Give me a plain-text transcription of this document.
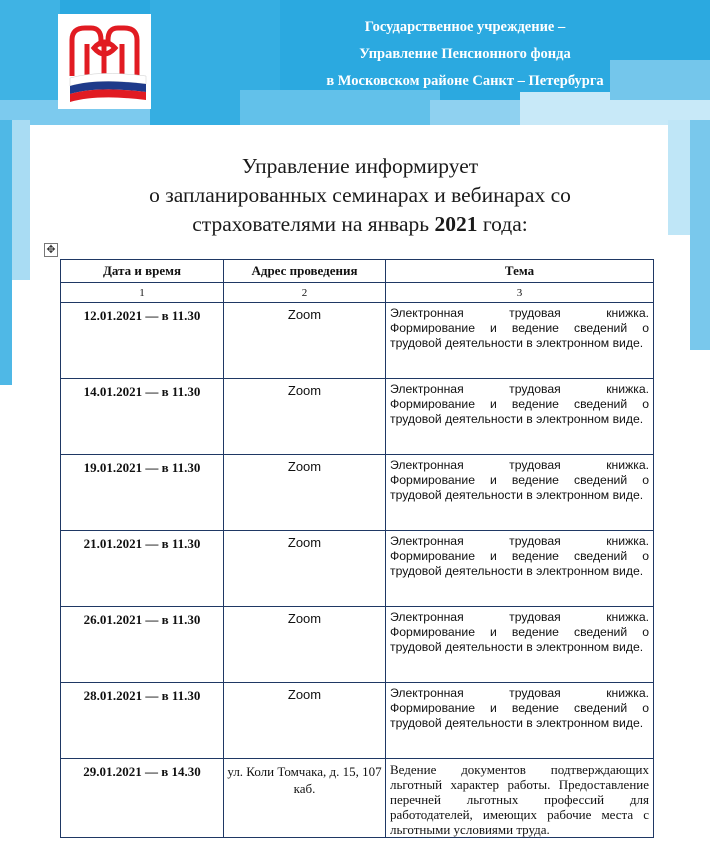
Государственное учреждение –
Управление Пенсионного фонда
в Московском районе Санкт – Петербурга
Управление информирует
о запланированных семинарах и вебинарах со
страхователями на январь 2021 года:
✥
Дата и время	Адрес проведения	Тема
1	2	3
12.01.2021 — в 11.30	Zoom	Электронная трудовая книжка. Формирование и ведение сведений о трудовой деятельности в электронном виде.
14.01.2021 — в 11.30	Zoom	Электронная трудовая книжка. Формирование и ведение сведений о трудовой деятельности в электронном виде.
19.01.2021 — в 11.30	Zoom	Электронная трудовая книжка. Формирование и ведение сведений о трудовой деятельности в электронном виде.
21.01.2021 — в 11.30	Zoom	Электронная трудовая книжка. Формирование и ведение сведений о трудовой деятельности в электронном виде.
26.01.2021 — в 11.30	Zoom	Электронная трудовая книжка. Формирование и ведение сведений о трудовой деятельности в электронном виде.
28.01.2021 — в 11.30	Zoom	Электронная трудовая книжка. Формирование и ведение сведений о трудовой деятельности в электронном виде.
29.01.2021 — в 14.30	ул. Коли Томчака, д. 15, 107 каб.	Ведение документов подтверждающих льготный характер работы. Предоставление перечней льготных профессий для работодателей, имеющих рабочие места с льготными условиями труда.
